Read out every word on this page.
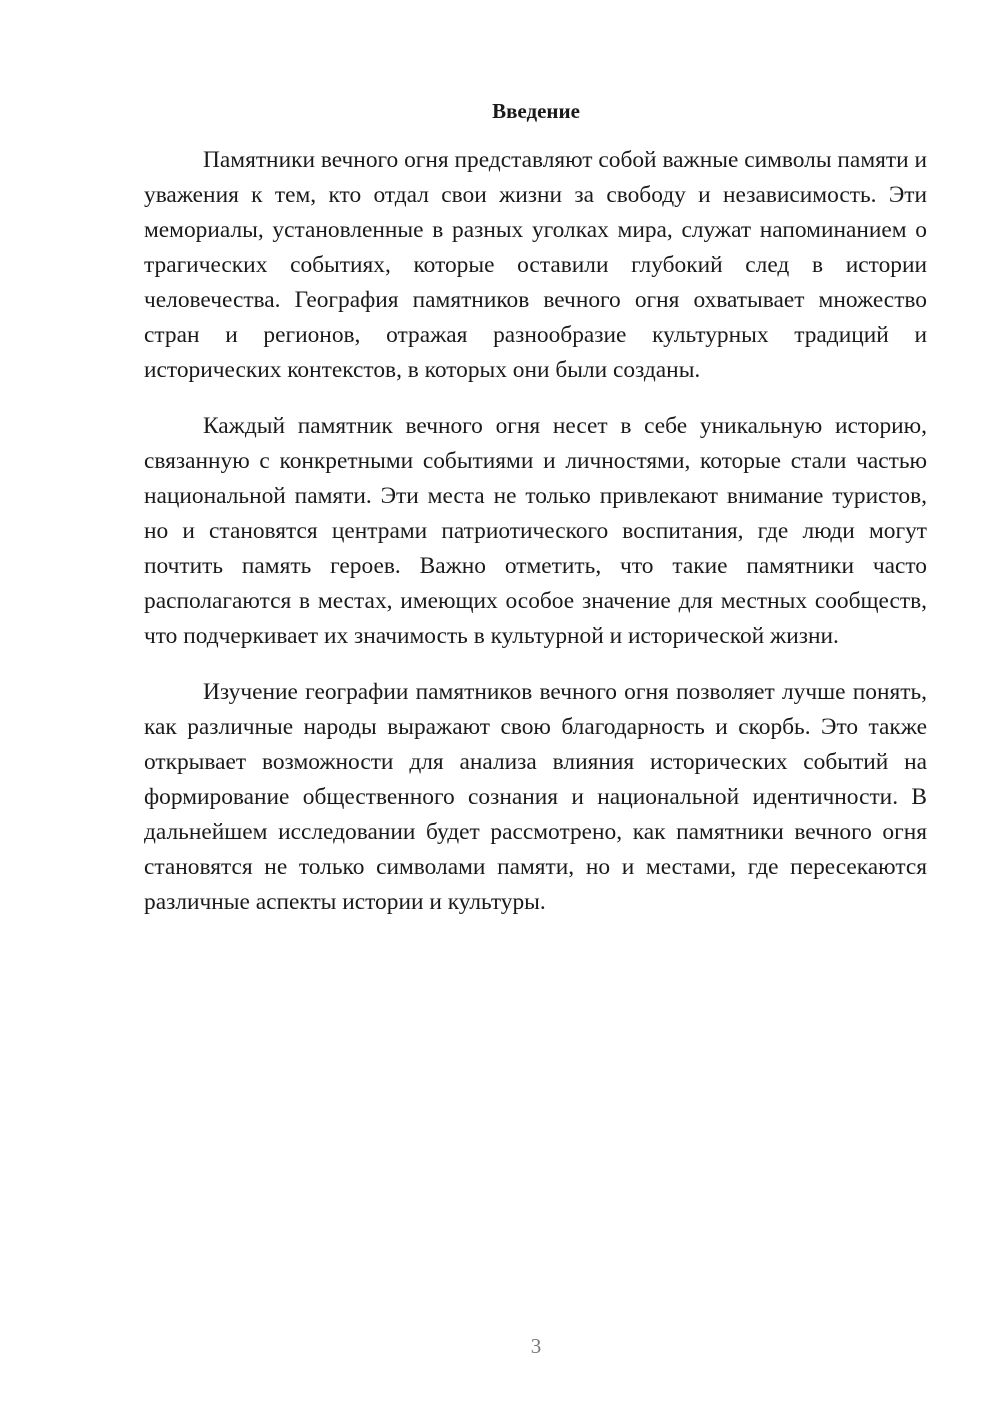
Введение

Памятники вечного огня представляют собой важные символы памяти и уважения к тем, кто отдал свои жизни за свободу и независимость. Эти мемориалы, установленные в разных уголках мира, служат напоминанием о трагических событиях, которые оставили глубокий след в истории человечества. География памятников вечного огня охватывает множество стран и регионов, отражая разнообразие культурных традиций и исторических контекстов, в которых они были созданы.

Каждый памятник вечного огня несет в себе уникальную историю, связанную с конкретными событиями и личностями, которые стали частью национальной памяти. Эти места не только привлекают внимание туристов, но и становятся центрами патриотического воспитания, где люди могут почтить память героев. Важно отметить, что такие памятники часто располагаются в местах, имеющих особое значение для местных сообществ, что подчеркивает их значимость в культурной и исторической жизни.

Изучение географии памятников вечного огня позволяет лучше понять, как различные народы выражают свою благодарность и скорбь. Это также открывает возможности для анализа влияния исторических событий на формирование общественного сознания и национальной идентичности. В дальнейшем исследовании будет рассмотрено, как памятники вечного огня становятся не только символами памяти, но и местами, где пересекаются различные аспекты истории и культуры.

3
